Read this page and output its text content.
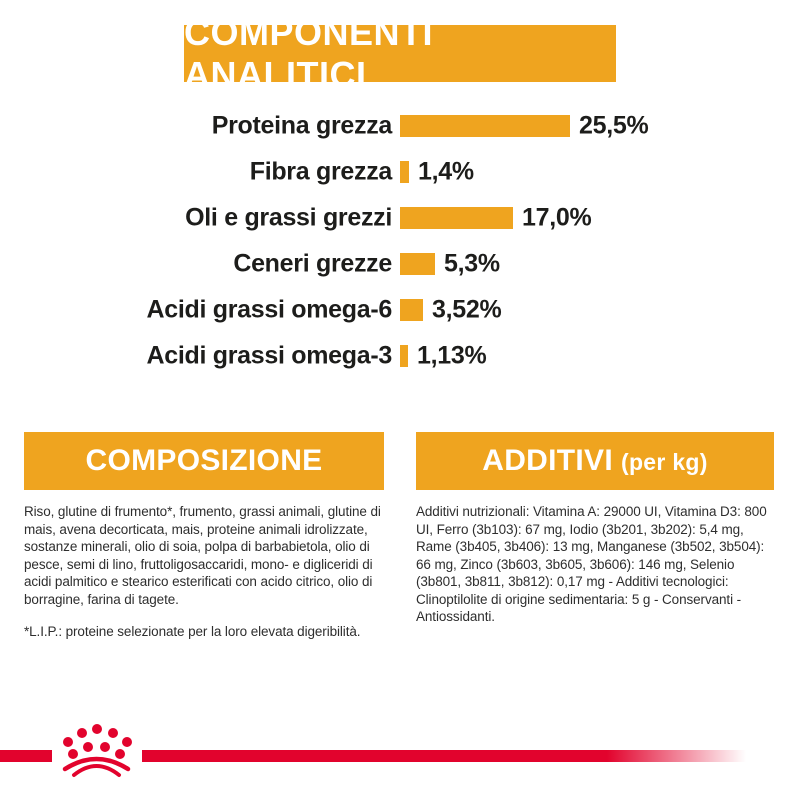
COMPONENTI ANALITICI
Proteina grezza	25,5%
Fibra grezza 1,4%
Oli e grassi grezzi	17,0%
Ceneri grezze 5,3%
Acidi grassi omega-6 3,52%
Acidi grassi omega-3 1,13%
COMPOSIZIONE
Riso, glutine di frumento*, frumento, grassi animali, glutine di mais, avena decorticata, mais, proteine animali idrolizzate, sostanze minerali, olio di soia, polpa di barbabietola, olio di pesce, semi di lino, fruttoligosaccaridi, mono- e digliceridi di acidi palmitico e stearico esterificati con acido citrico, olio di borragine, farina di tagete.
*L.I.P.: proteine selezionate per la loro elevata digeribilità.
ADDITIVI (per kg)
Additivi nutrizionali: Vitamina A: 29000 UI, Vitamina D3: 800 UI, Ferro (3b103): 67 mg, Iodio (3b201, 3b202): 5,4 mg, Rame (3b405, 3b406): 13 mg, Manganese (3b502, 3b504): 66 mg, Zinco (3b603, 3b605, 3b606): 146 mg, Selenio (3b801, 3b811, 3b812): 0,17 mg - Additivi tecnologici: Clinoptilolite di origine sedimentaria: 5 g - Conservanti - Antiossidanti.
